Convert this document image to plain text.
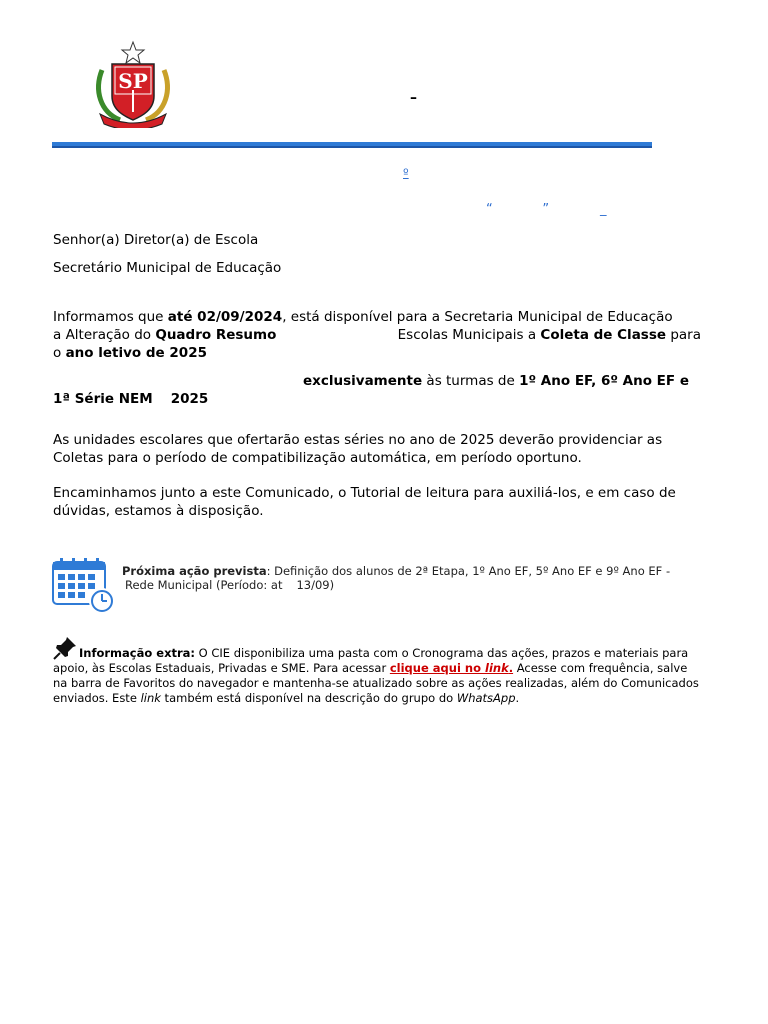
SP
–
º
“	”	_
Senhor(a) Diretor(a) de Escola
Secretário Municipal de Educação
Informamos que até 02/09/2024, está disponível para a Secretaria Municipal de Educação
a Alteração do Quadro Resumo	Escolas Municipais a Coleta de Classe para
o ano letivo de 2025
exclusivamente às turmas de 1º Ano EF, 6º Ano EF e
1ª Série NEM 2025
As unidades escolares que ofertarão estas séries no ano de 2025 deverão providenciar as Coletas para o período de compatibilização automática, em período oportuno.
Encaminhamos junto a este Comunicado, o Tutorial de leitura para auxiliá-los, e em caso de dúvidas, estamos à disposição.
Próxima ação prevista: Definição dos alunos de 2ª Etapa, 1º Ano EF, 5º Ano EF e 9º Ano EF -
Rede Municipal (Período: at 13/09)
Informação extra: O CIE disponibiliza uma pasta com o Cronograma das ações, prazos e materiais para apoio, às Escolas Estaduais, Privadas e SME. Para acessar clique aqui no link. Acesse com frequência, salve na barra de Favoritos do navegador e mantenha-se atualizado sobre as ações realizadas, além do Comunicados enviados. Este link também está disponível na descrição do grupo do WhatsApp.
